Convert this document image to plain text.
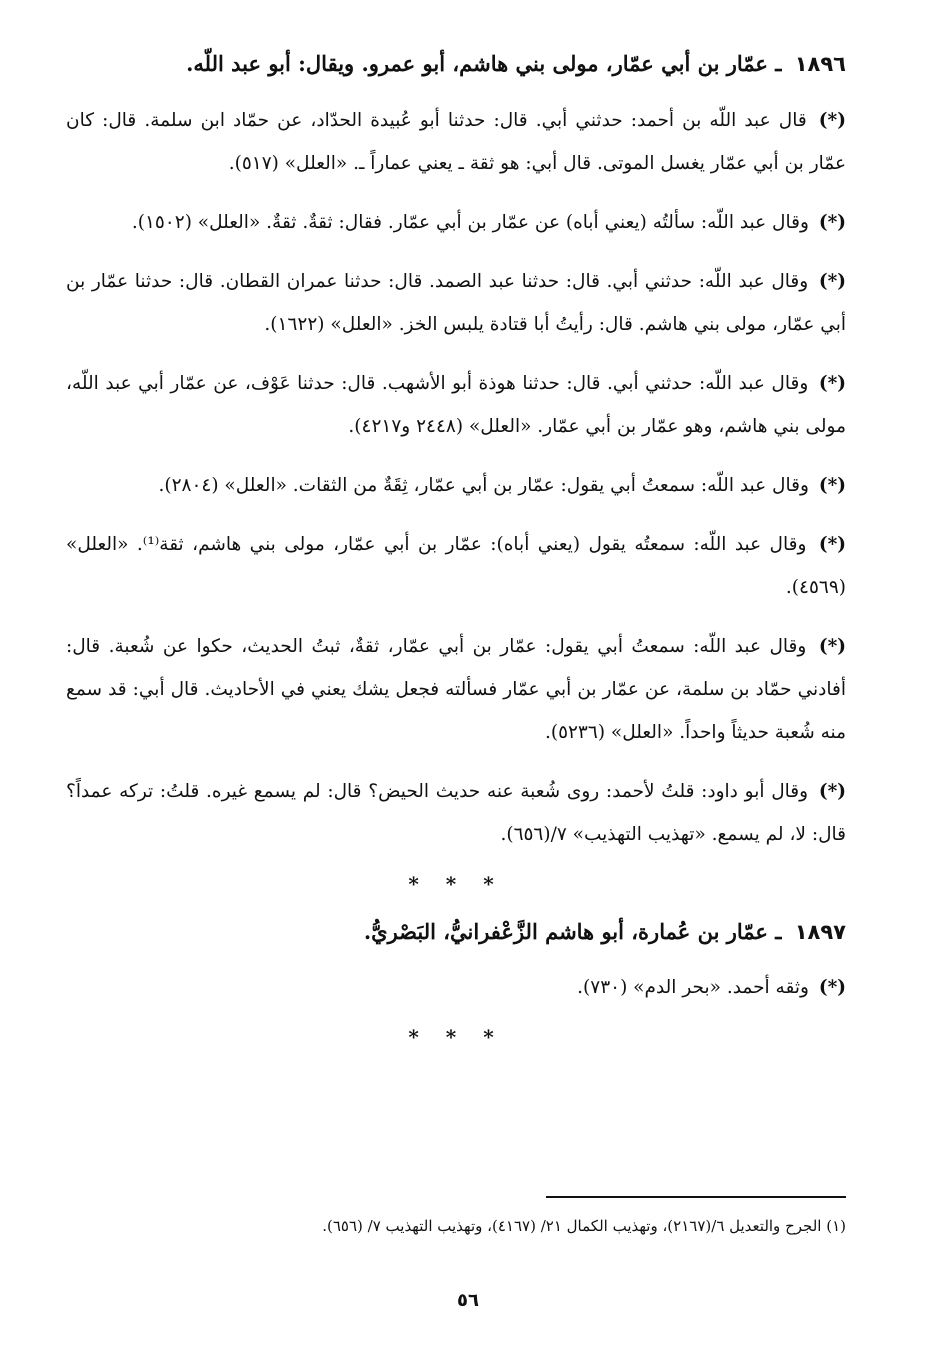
١٨٩٦ ـ عمّار بن أبي عمّار، مولى بني هاشم، أبو عمرو. ويقال: أبو عبد اللّه.

(*) قال عبد اللّه بن أحمد: حدثني أبي. قال: حدثنا أبو عُبيدة الحدّاد، عن حمّاد ابن سلمة. قال: كان عمّار بن أبي عمّار يغسل الموتى. قال أبي: هو ثقة ـ يعني عماراً ـ. «العلل» (٥١٧).

(*) وقال عبد اللّه: سألتُه (يعني أباه) عن عمّار بن أبي عمّار. فقال: ثقةٌ. ثقةٌ. «العلل» (١٥٠٢).

(*) وقال عبد اللّه: حدثني أبي. قال: حدثنا عبد الصمد. قال: حدثنا عمران القطان. قال: حدثنا عمّار بن أبي عمّار، مولى بني هاشم. قال: رأيتُ أبا قتادة يلبس الخز. «العلل» (١٦٢٢).

(*) وقال عبد اللّه: حدثني أبي. قال: حدثنا هوذة أبو الأشهب. قال: حدثنا عَوْف، عن عمّار أبي عبد اللّه، مولى بني هاشم، وهو عمّار بن أبي عمّار. «العلل» (٢٤٤٨ و٤٢١٧).

(*) وقال عبد اللّه: سمعتُ أبي يقول: عمّار بن أبي عمّار، ثِقَةٌ من الثقات. «العلل» (٢٨٠٤).

(*) وقال عبد اللّه: سمعتُه يقول (يعني أباه): عمّار بن أبي عمّار، مولى بني هاشم، ثقة⁽¹⁾. «العلل» (٤٥٦٩).

(*) وقال عبد اللّه: سمعتُ أبي يقول: عمّار بن أبي عمّار، ثقةٌ، ثبتُ الحديث، حكوا عن شُعبة. قال: أفادني حمّاد بن سلمة، عن عمّار بن أبي عمّار فسألته فجعل يشك يعني في الأحاديث. قال أبي: قد سمع منه شُعبة حديثاً واحداً. «العلل» (٥٢٣٦).

(*) وقال أبو داود: قلتُ لأحمد: روى شُعبة عنه حديث الحيض؟ قال: لم يسمع غيره. قلتُ: تركه عمداً؟ قال: لا، لم يسمع. «تهذيب التهذيب» ٧/(٦٥٦).

* * *
١٨٩٧ ـ عمّار بن عُمارة، أبو هاشم الزَّعْفرانيُّ، البَصْريُّ.

(*) وثقه أحمد. «بحر الدم» (٧٣٠).

* * *
(١) الجرح والتعديل ٦/(٢١٦٧)، وتهذيب الكمال ٢١/ (٤١٦٧)، وتهذيب التهذيب ٧/ (٦٥٦).
٥٦
